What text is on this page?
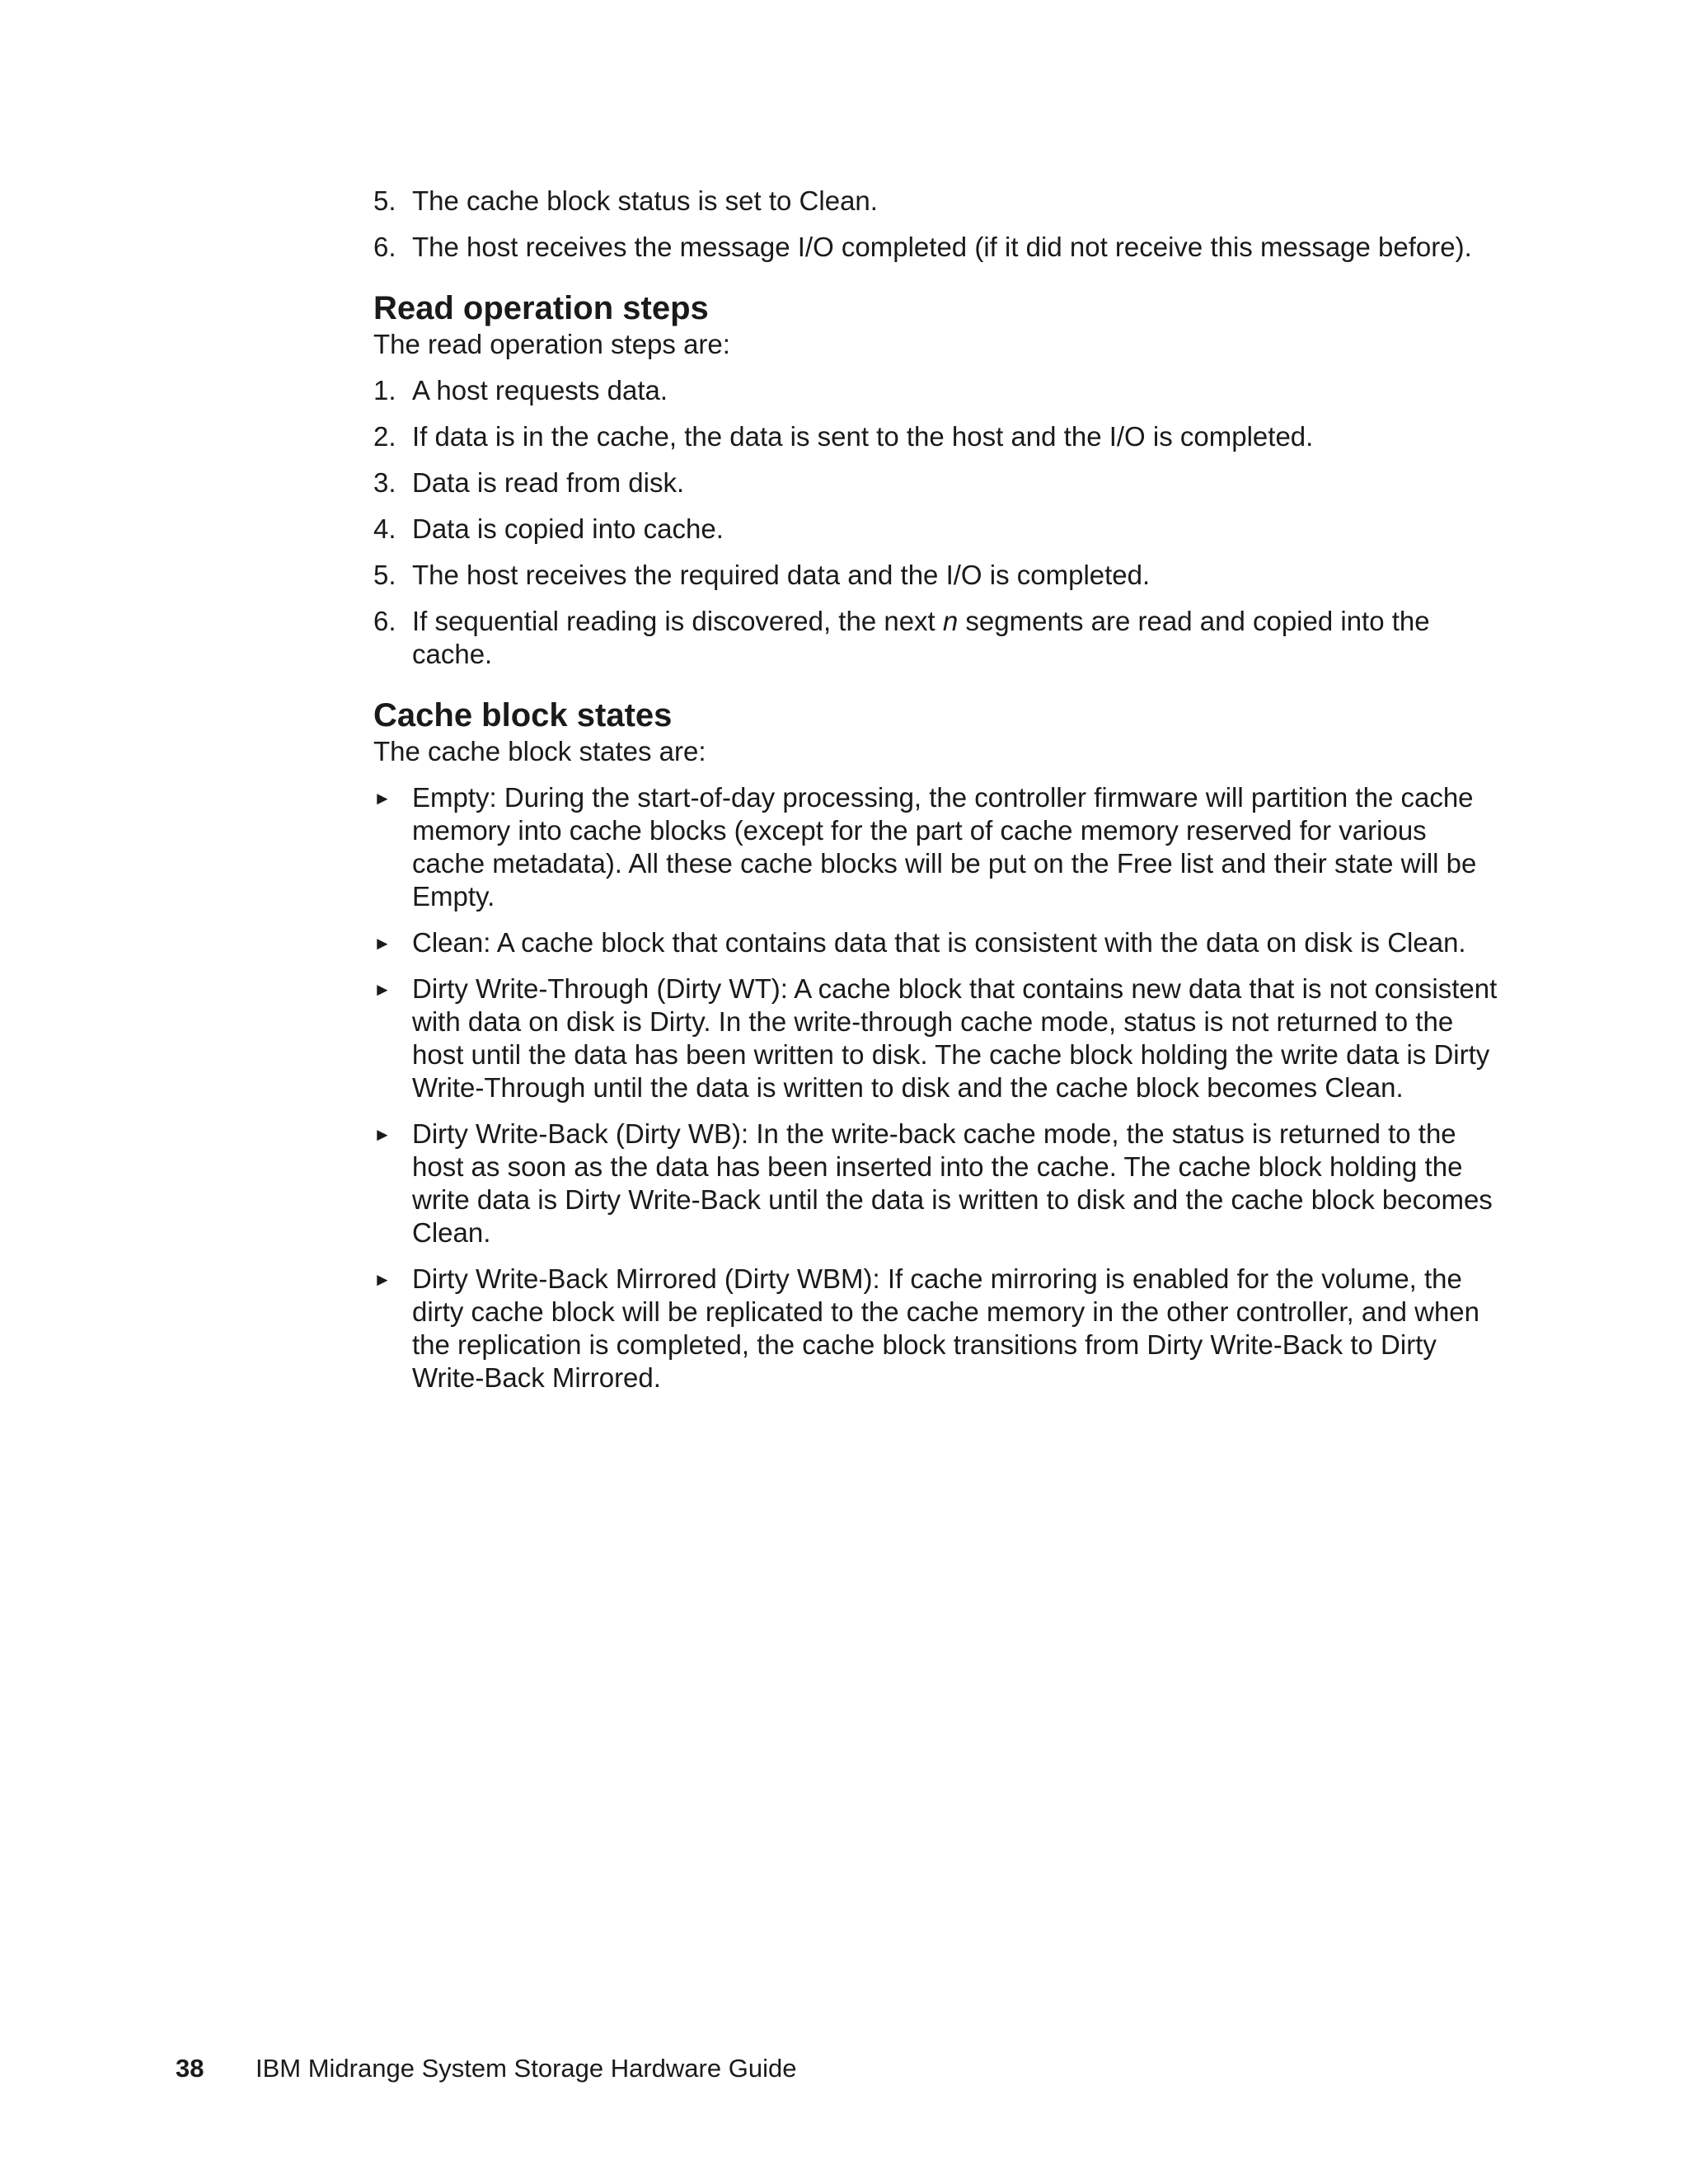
5. The cache block status is set to Clean.
6. The host receives the message I/O completed (if it did not receive this message before).
Read operation steps

The read operation steps are:

1. A host requests data.
2. If data is in the cache, the data is sent to the host and the I/O is completed.
3. Data is read from disk.
4. Data is copied into cache.
5. The host receives the required data and the I/O is completed.
6. If sequential reading is discovered, the next n segments are read and copied into the cache.
Cache block states

The cache block states are:

► Empty: During the start-of-day processing, the controller firmware will partition the cache memory into cache blocks (except for the part of cache memory reserved for various cache metadata). All these cache blocks will be put on the Free list and their state will be Empty.
► Clean: A cache block that contains data that is consistent with the data on disk is Clean.
► Dirty Write-Through (Dirty WT): A cache block that contains new data that is not consistent with data on disk is Dirty. In the write-through cache mode, status is not returned to the host until the data has been written to disk. The cache block holding the write data is Dirty Write-Through until the data is written to disk and the cache block becomes Clean.
► Dirty Write-Back (Dirty WB): In the write-back cache mode, the status is returned to the host as soon as the data has been inserted into the cache. The cache block holding the write data is Dirty Write-Back until the data is written to disk and the cache block becomes Clean.
► Dirty Write-Back Mirrored (Dirty WBM): If cache mirroring is enabled for the volume, the dirty cache block will be replicated to the cache memory in the other controller, and when the replication is completed, the cache block transitions from Dirty Write-Back to Dirty Write-Back Mirrored.
38 IBM Midrange System Storage Hardware Guide
